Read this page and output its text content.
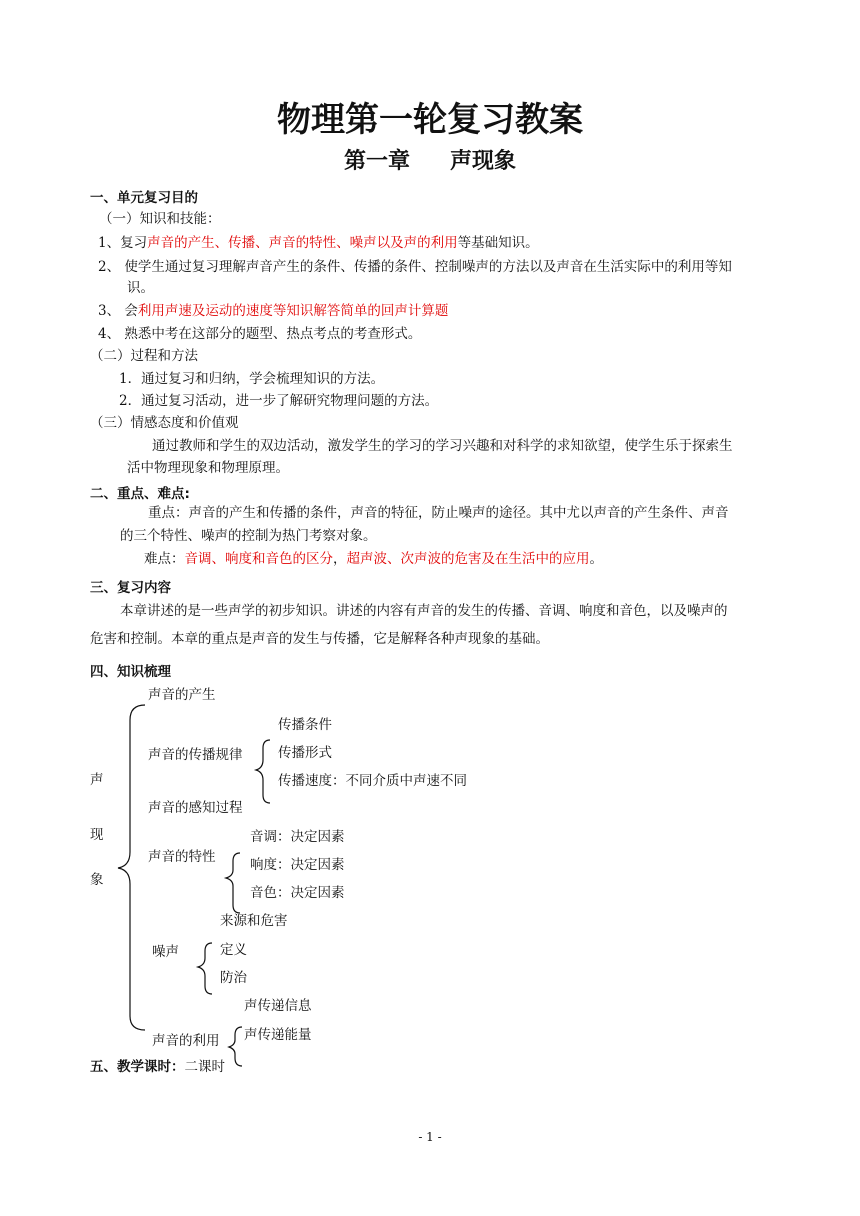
物理第一轮复习教案
第一章 声现象
一、单元复习目的
（一）知识和技能：
1、复习声音的产生、传播、声音的特性、噪声以及声的利用等基础知识。
2、 使学生通过复习理解声音产生的条件、传播的条件、控制噪声的方法以及声音在生活实际中的利用等知
识。
3、 会利用声速及运动的速度等知识解答简单的回声计算题
4、 熟悉中考在这部分的题型、热点考点的考查形式。
（二）过程和方法
1．通过复习和归纳，学会梳理知识的方法。
2．通过复习活动，进一步了解研究物理问题的方法。
（三）情感态度和价值观
通过教师和学生的双边活动，激发学生的学习的学习兴趣和对科学的求知欲望，使学生乐于探索生
活中物理现象和物理原理。
二、重点、难点:
重点：声音的产生和传播的条件，声音的特征，防止噪声的途径。其中尤以声音的产生条件、声音
的三个特性、噪声的控制为热门考察对象。
难点：音调、响度和音色的区分，超声波、次声波的危害及在生活中的应用。
三、复习内容
本章讲述的是一些声学的初步知识。讲述的内容有声音的发生的传播、音调、响度和音色，以及噪声的
危害和控制。本章的重点是声音的发生与传播，它是解释各种声现象的基础。
四、知识梳理
声
现
象
声音的产生
声音的传播规律
传播条件
传播形式
传播速度：不同介质中声速不同
声音的感知过程
声音的特性
音调：决定因素
响度：决定因素
音色：决定因素
来源和危害
噪声	定义
防治
声传递信息
声音的利用 声传递能量
五、教学课时：二课时
- 1 -
